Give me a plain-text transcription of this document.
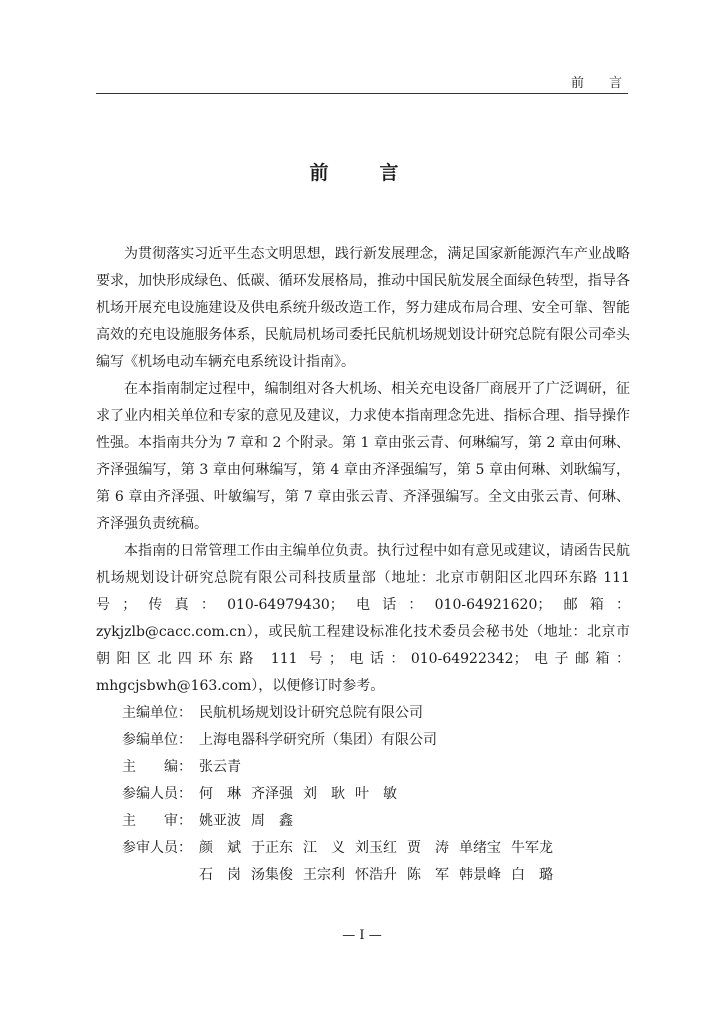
前　言
前　言

为贯彻落实习近平生态文明思想，践行新发展理念，满足国家新能源汽车产业战略要求，加快形成绿色、低碳、循环发展格局，推动中国民航发展全面绿色转型，指导各机场开展充电设施建设及供电系统升级改造工作，努力建成布局合理、安全可靠、智能高效的充电设施服务体系，民航局机场司委托民航机场规划设计研究总院有限公司牵头编写《机场电动车辆充电系统设计指南》。

在本指南制定过程中，编制组对各大机场、相关充电设备厂商展开了广泛调研，征求了业内相关单位和专家的意见及建议，力求使本指南理念先进、指标合理、指导操作性强。本指南共分为 7 章和 2 个附录。第 1 章由张云青、何琳编写，第 2 章由何琳、齐泽强编写，第 3 章由何琳编写，第 4 章由齐泽强编写，第 5 章由何琳、刘耿编写，第 6 章由齐泽强、叶敏编写，第 7 章由张云青、齐泽强编写。全文由张云青、何琳、齐泽强负责统稿。

本指南的日常管理工作由主编单位负责。执行过程中如有意见或建议，请函告民航机场规划设计研究总院有限公司科技质量部（地址：北京市朝阳区北四环东路 111 号；传真：010-64979430；电话：010-64921620；邮箱：zykjzlb@cacc.com.cn），或民航工程建设标准化技术委员会秘书处（地址：北京市朝阳区北四环东路 111 号；电话：010-64922342；电子邮箱：mhgcjsbwh@163.com），以便修订时参考。

主编单位： 民航机场规划设计研究总院有限公司
参编单位： 上海电器科学研究所（集团）有限公司
主　　编： 张云青
参编人员： 何　琳 齐泽强 刘　耿 叶　敏
主　　审： 姚亚波 周　鑫
参审人员： 颜　斌 于正东 江　义 刘玉红 贾　涛 单绪宝 牛军龙
石　岗 汤集俊 王宗利 怀浩升 陈　军 韩景峰 白　璐
— Ⅰ —
